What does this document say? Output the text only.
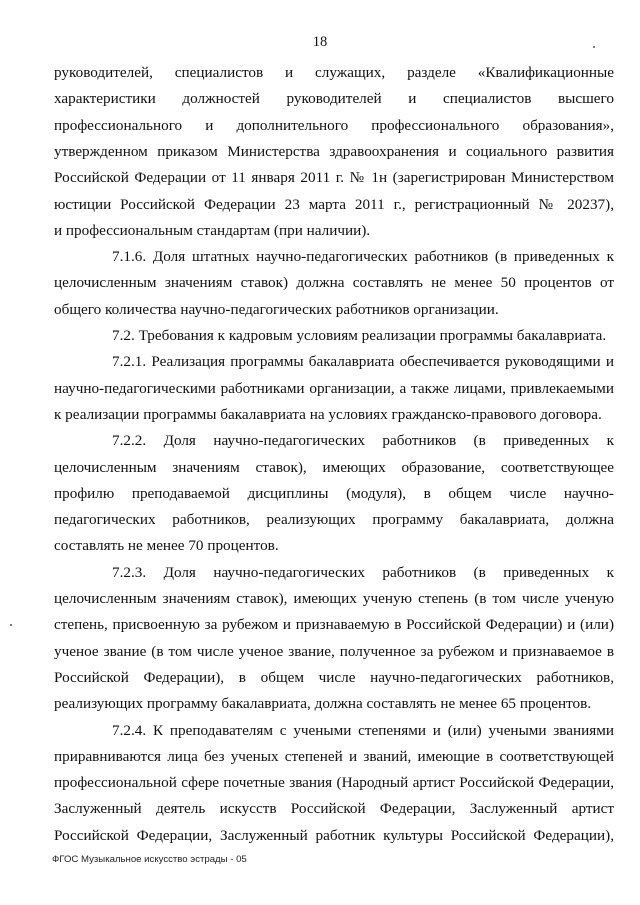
18
руководителей, специалистов и служащих, разделе «Квалификационные
характеристики должностей руководителей и специалистов высшего
профессионального и дополнительного профессионального образования»,
утвержденном приказом Министерства здравоохранения и социального развития
Российской Федерации от 11 января 2011 г. № 1н (зарегистрирован Министерством
юстиции Российской Федерации 23 марта 2011 г., регистрационный № 20237),
и профессиональным стандартам (при наличии).
7.1.6. Доля штатных научно-педагогических работников (в приведенных к
целочисленным значениям ставок) должна составлять не менее 50 процентов от
общего количества научно-педагогических работников организации.
7.2. Требования к кадровым условиям реализации программы бакалавриата.
7.2.1. Реализация программы бакалавриата обеспечивается руководящими и
научно-педагогическими работниками организации, а также лицами, привлекаемыми
к реализации программы бакалавриата на условиях гражданско-правового договора.
7.2.2. Доля научно-педагогических работников (в приведенных к
целочисленным значениям ставок), имеющих образование, соответствующее
профилю преподаваемой дисциплины (модуля), в общем числе научно-
педагогических работников, реализующих программу бакалавриата, должна
составлять не менее 70 процентов.
7.2.3. Доля научно-педагогических работников (в приведенных к
целочисленным значениям ставок), имеющих ученую степень (в том числе ученую
степень, присвоенную за рубежом и признаваемую в Российской Федерации) и (или)
ученое звание (в том числе ученое звание, полученное за рубежом и признаваемое в
Российской Федерации), в общем числе научно-педагогических работников,
реализующих программу бакалавриата, должна составлять не менее 65 процентов.
7.2.4. К преподавателям с учеными степенями и (или) учеными званиями
приравниваются лица без ученых степеней и званий, имеющие в соответствующей
профессиональной сфере почетные звания (Народный артист Российской Федерации,
Заслуженный деятель искусств Российской Федерации, Заслуженный артист
Российской Федерации, Заслуженный работник культуры Российской Федерации),
ФГОС Музыкальное искусство эстрады - 05
